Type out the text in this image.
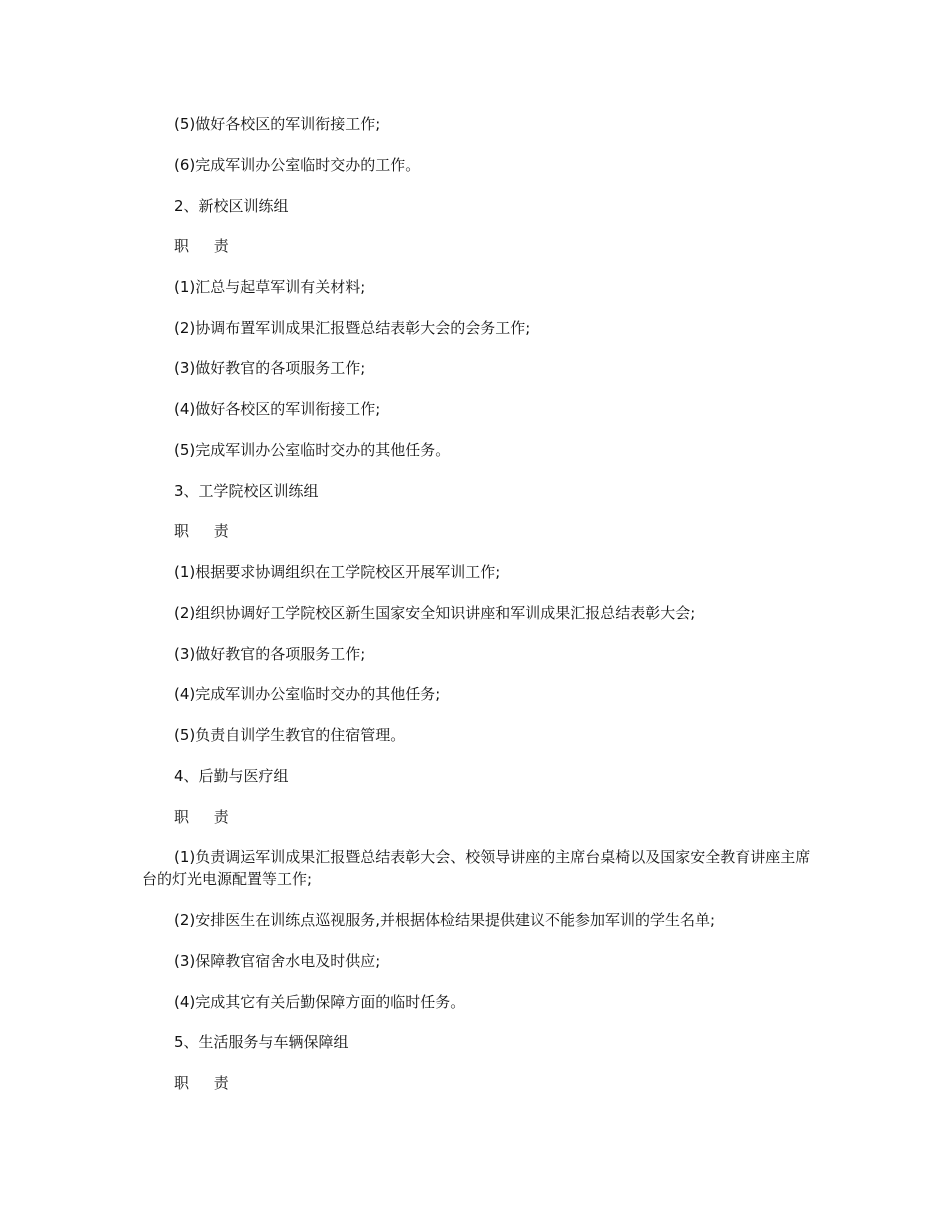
(5)做好各校区的军训衔接工作;

(6)完成军训办公室临时交办的工作。

2、新校区训练组

职 责

(1)汇总与起草军训有关材料;

(2)协调布置军训成果汇报暨总结表彰大会的会务工作;

(3)做好教官的各项服务工作;

(4)做好各校区的军训衔接工作;

(5)完成军训办公室临时交办的其他任务。

3、工学院校区训练组

职 责

(1)根据要求协调组织在工学院校区开展军训工作;

(2)组织协调好工学院校区新生国家安全知识讲座和军训成果汇报总结表彰大会;

(3)做好教官的各项服务工作;

(4)完成军训办公室临时交办的其他任务;

(5)负责自训学生教官的住宿管理。

4、后勤与医疗组

职 责

(1)负责调运军训成果汇报暨总结表彰大会、校领导讲座的主席台桌椅以及国家安全教育讲座主席台的灯光电源配置等工作;

(2)安排医生在训练点巡视服务,并根据体检结果提供建议不能参加军训的学生名单;

(3)保障教官宿舍水电及时供应;

(4)完成其它有关后勤保障方面的临时任务。

5、生活服务与车辆保障组

职 责
